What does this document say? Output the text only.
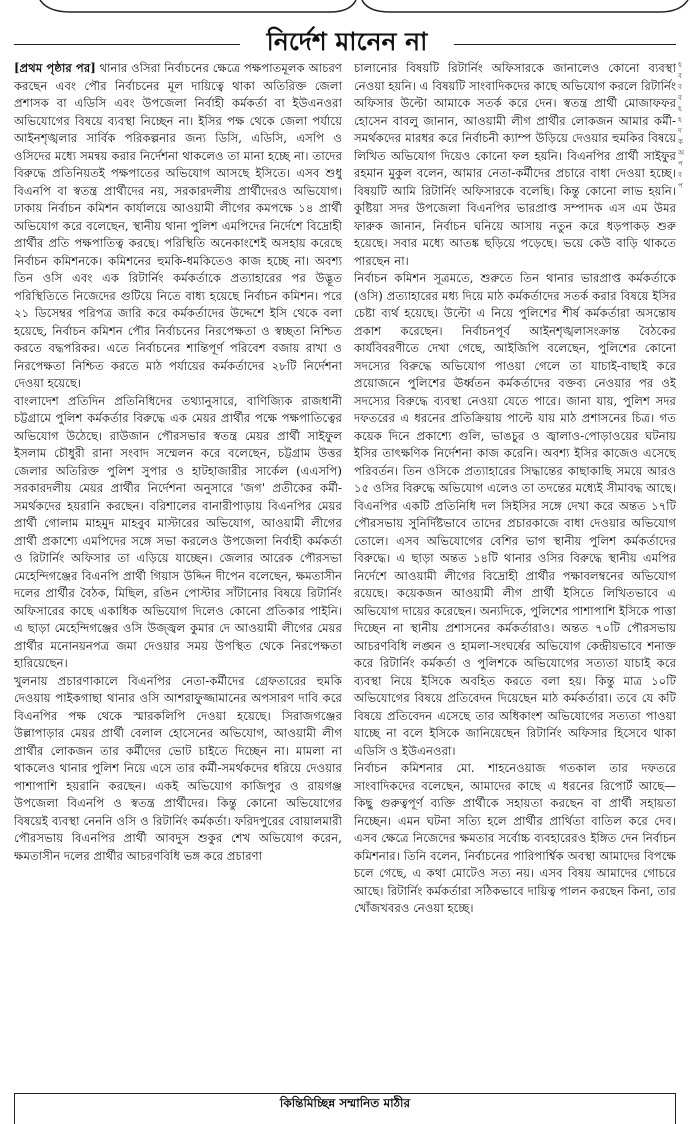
নির্দেশ মানেন না

[প্রথম পৃষ্ঠার পর] থানার ওসিরা নির্বাচনের ক্ষেত্রে পক্ষপাতমূলক আচরণ করছেন এবং পৌর নির্বাচনের মূল দায়িত্বে থাকা অতিরিক্ত জেলা প্রশাসক বা এডিসি এবং উপজেলা নির্বাহী কর্মকর্তা বা ইউএনওরা অভিযোগের বিষয়ে ব্যবস্থা নিচ্ছেন না। ইসির পক্ষ থেকে জেলা পর্যায়ে আইনশৃঙ্খলার সার্বিক পরিকল্পনার জন্য ডিসি, এডিসি, এসপি ও ওসিদের মধ্যে সমন্বয় করার নির্দেশনা থাকলেও তা মানা হচ্ছে না। তাদের বিরুদ্ধে প্রতিনিয়তই পক্ষপাতের অভিযোগ আসছে ইসিতে। এসব শুধু বিএনপি বা স্বতন্ত্র প্রার্থীদের নয়, সরকারদলীয় প্রার্থীদেরও অভিযোগ। ঢাকায় নির্বাচন কমিশন কার্যালয়ে আওয়ামী লীগের কমপক্ষে ১৪ প্রার্থী অভিযোগ করে বলেছেন, স্থানীয় থানা পুলিশ এমপিদের নির্দেশে বিদ্রোহী প্রার্থীর প্রতি পক্ষপাতিত্ব করছে। পরিস্থিতি অনেকাংশেই অসহায় করেছে নির্বাচন কমিশনকে। কমিশনের হুমকি-ধমকিতেও কাজ হচ্ছে না। অবশ্য তিন ওসি এবং এক রিটার্নিং কর্মকর্তাকে প্রত্যাহারের পর উদ্ভূত পরিস্থিতিতে নিজেদের গুটিয়ে নিতে বাধ্য হয়েছে নির্বাচন কমিশন। পরে ২১ ডিসেম্বর পরিপত্র জারি করে কর্মকর্তাদের উদ্দেশে ইসি থেকে বলা হয়েছে, নির্বাচন কমিশন পৌর নির্বাচনের নিরপেক্ষতা ও স্বচ্ছতা নিশ্চিত করতে বদ্ধপরিকর। এতে নির্বাচনের শান্তিপূর্ণ পরিবেশ বজায় রাখা ও নিরপেক্ষতা নিশ্চিত করতে মাঠ পর্যায়ের কর্মকর্তাদের ২৮টি নির্দেশনা দেওয়া হয়েছে।

বাংলাদেশ প্রতিদিন প্রতিনিধিদের তথ্যানুসারে, বাণিজ্যিক রাজধানী চট্টগ্রামে পুলিশ কর্মকর্তার বিরুদ্ধে এক মেয়র প্রার্থীর পক্ষে পক্ষপাতিত্বের অভিযোগ উঠেছে। রাউজান পৌরসভার স্বতন্ত্র মেয়র প্রার্থী সাইফুল ইসলাম চৌধুরী রানা সংবাদ সম্মেলন করে বলেছেন, চট্টগ্রাম উত্তর জেলার অতিরিক্ত পুলিশ সুপার ও হাটহাজারীর সার্কেল (এএসপি) সরকারদলীয় মেয়র প্রার্থীর নির্দেশনা অনুসারে 'জগ' প্রতীকের কর্মী-সমর্থকদের হয়রানি করছেন। বরিশালের বানারীপাড়ায় বিএনপির মেয়র প্রার্থী গোলাম মাহমুদ মাহবুব মাস্টারের অভিযোগ, আওয়ামী লীগের প্রার্থী প্রকাশ্যে এমপিদের সঙ্গে সভা করলেও উপজেলা নির্বাহী কর্মকর্তা ও রিটার্নিং অফিসার তা এড়িয়ে যাচ্ছেন। জেলার আরেক পৌরসভা মেহেন্দিগঞ্জের বিএনপি প্রার্থী গিয়াস উদ্দিন দীপেন বলেছেন, ক্ষমতাসীন দলের প্রার্থীর বৈঠক, মিছিল, রঙিন পোস্টার সাঁটানোর বিষয়ে রিটার্নিং অফিসারের কাছে একাধিক অভিযোগ দিলেও কোনো প্রতিকার পাইনি। এ ছাড়া মেহেন্দিগঞ্জের ওসি উজ্জ্বল কুমার দে আওয়ামী লীগের মেয়র প্রার্থীর মনোনয়নপত্র জমা দেওয়ার সময় উপস্থিত থেকে নিরপেক্ষতা হারিয়েছেন।

খুলনায় প্রচারণাকালে বিএনপির নেতা-কর্মীদের গ্রেফতারের হুমকি দেওয়ায় পাইকগাছা থানার ওসি আশরাফুজ্জামানের অপসারণ দাবি করে বিএনপির পক্ষ থেকে স্মারকলিপি দেওয়া হয়েছে। সিরাজগঞ্জের উল্লাপাড়ার মেয়র প্রার্থী বেলাল হোসেনের অভিযোগ, আওয়ামী লীগ প্রার্থীর লোকজন তার কর্মীদের ভোট চাইতে দিচ্ছেন না। মামলা না থাকলেও থানার পুলিশ নিয়ে এসে তার কর্মী-সমর্থকদের ধরিয়ে দেওয়ার পাশাপাশি হয়রানি করছেন। একই অভিযোগ কাজিপুর ও রায়গঞ্জ উপজেলা বিএনপি ও স্বতন্ত্র প্রার্থীদের। কিন্তু কোনো অভিযোগের বিষয়েই ব্যবস্থা নেননি ওসি ও রিটার্নিং কর্মকর্তা। ফরিদপুরের বোয়ালমারী পৌরসভায় বিএনপির প্রার্থী আবদুস শুকুর শেখ অভিযোগ করেন, ক্ষমতাসীন দলের প্রার্থীর আচরণবিধি ভঙ্গ করে প্রচারণা

চালানোর বিষয়টি রিটার্নিং অফিসারকে জানালেও কোনো ব্যবস্থা নেওয়া হয়নি। এ বিষয়টি সাংবাদিকদের কাছে অভিযোগ করলে রিটার্নিং অফিসার উল্টো আমাকে সতর্ক করে দেন। স্বতন্ত্র প্রার্থী মোজাফফর হোসেন বাবলু জানান, আওয়ামী লীগ প্রার্থীর লোকজন আমার কর্মী-সমর্থকদের মারধর করে নির্বাচনী ক্যাম্প উড়িয়ে দেওয়ার হুমকির বিষয়ে লিখিত অভিযোগ দিয়েও কোনো ফল হয়নি। বিএনপির প্রার্থী সাইফুর রহমান মুকুল বলেন, আমার নেতা-কর্মীদের প্রচারে বাধা দেওয়া হচ্ছে। বিষয়টি আমি রিটার্নিং অফিসারকে বলেছি। কিন্তু কোনো লাভ হয়নি। কুষ্টিয়া সদর উপজেলা বিএনপির ভারপ্রাপ্ত সম্পাদক এস এম উমর ফারুক জানান, নির্বাচন ঘনিয়ে আসায় নতুন করে ধড়পাকড় শুরু হয়েছে। সবার মধ্যে আতঙ্ক ছড়িয়ে পড়েছে। ভয়ে কেউ বাড়ি থাকতে পারছেন না।

নির্বাচন কমিশন সূত্রমতে, শুরুতে তিন থানার ভারপ্রাপ্ত কর্মকর্তাকে (ওসি) প্রত্যাহারের মধ্য দিয়ে মাঠ কর্মকর্তাদের সতর্ক করার বিষয়ে ইসির চেষ্টা ব্যর্থ হয়েছে। উল্টো এ নিয়ে পুলিশের শীর্ষ কর্মকর্তারা অসন্তোষ প্রকাশ করেছেন। নির্বাচনপূর্ব আইনশৃঙ্খলাসংক্রান্ত বৈঠকের কার্যবিবরণীতে দেখা গেছে, আইজিপি বলেছেন, পুলিশের কোনো সদস্যের বিরুদ্ধে অভিযোগ পাওয়া গেলে তা যাচাই-বাছাই করে প্রয়োজনে পুলিশের ঊর্ধ্বতন কর্মকর্তাদের বক্তব্য নেওয়ার পর ওই সদস্যের বিরুদ্ধে ব্যবস্থা নেওয়া যেতে পারে। জানা যায়, পুলিশ সদর দফতরের এ ধরনের প্রতিক্রিয়ায় পাল্টে যায় মাঠ প্রশাসনের চিত্র। গত কয়েক দিনে প্রকাশ্যে গুলি, ভাঙচুর ও জ্বালাও-পোড়াওয়ের ঘটনায় ইসির তাৎক্ষণিক নির্দেশনা কাজ করেনি। অবশ্য ইসির কাজেও এসেছে পরিবর্তন। তিন ওসিকে প্রত্যাহারের সিদ্ধান্তের কাছাকাছি সময়ে আরও ১৫ ওসির বিরুদ্ধে অভিযোগ এলেও তা তদন্তের মধ্যেই সীমাবদ্ধ আছে। বিএনপির একটি প্রতিনিধি দল সিইসির সঙ্গে দেখা করে অন্তত ১৭টি পৌরসভায় সুনির্দিষ্টভাবে তাদের প্রচারকাজে বাধা দেওয়ার অভিযোগ তোলে। এসব অভিযোগের বেশির ভাগ স্থানীয় পুলিশ কর্মকর্তাদের বিরুদ্ধে। এ ছাড়া অন্তত ১৪টি থানার ওসির বিরুদ্ধে স্থানীয় এমপির নির্দেশে আওয়ামী লীগের বিদ্রোহী প্রার্থীর পক্ষাবলম্বনের অভিযোগ রয়েছে। কয়েকজন আওয়ামী লীগ প্রার্থী ইসিতে লিখিতভাবে এ অভিযোগ দায়ের করেছেন। অন্যদিকে, পুলিশের পাশাপাশি ইসিকে পাত্তা দিচ্ছেন না স্থানীয় প্রশাসনের কর্মকর্তারাও। অন্তত ৭০টি পৌরসভায় আচরণবিধি লঙ্ঘন ও হামলা-সংঘর্ষের অভিযোগ কেন্দ্রীয়ভাবে শনাক্ত করে রিটার্নিং কর্মকর্তা ও পুলিশকে অভিযোগের সত্যতা যাচাই করে ব্যবস্থা নিয়ে ইসিকে অবহিত করতে বলা হয়। কিন্তু মাত্র ১০টি অভিযোগের বিষয়ে প্রতিবেদন দিয়েছেন মাঠ কর্মকর্তারা। তবে যে কটি বিষয়ে প্রতিবেদন এসেছে তার অধিকাংশ অভিযোগের সত্যতা পাওয়া যাচ্ছে না বলে ইসিকে জানিয়েছেন রিটার্নিং অফিসার হিসেবে থাকা এডিসি ও ইউএনওরা।

নির্বাচন কমিশনার মো. শাহনেওয়াজ গতকাল তার দফতরে সাংবাদিকদের বলেছেন, আমাদের কাছে এ ধরনের রিপোর্ট আছে— কিছু গুরুত্বপূর্ণ ব্যক্তি প্রার্থীকে সহায়তা করছেন বা প্রার্থী সহায়তা নিচ্ছেন। এমন ঘটনা সত্যি হলে প্রার্থীর প্রার্থিতা বাতিল করে দেব। এসব ক্ষেত্রে নিজেদের ক্ষমতার সর্বোচ্চ ব্যবহারেরও ইঙ্গিত দেন নির্বাচন কমিশনার। তিনি বলেন, নির্বাচনের পারিপার্শ্বিক অবস্থা আমাদের বিপক্ষে চলে গেছে, এ কথা মোটেও সত্য নয়। এসব বিষয় আমাদের গোচরে আছে। রিটার্নিং কর্মকর্তারা সঠিকভাবে দায়িত্ব পালন করছেন কিনা, তার খোঁজখবরও নেওয়া হচ্ছে।

হ
ব
ব
ব
হ
হ
দ
ক
অ
প
ব
প
কিন্তিমিচ্ছিন্ন সম্মানিত মাঠীর
